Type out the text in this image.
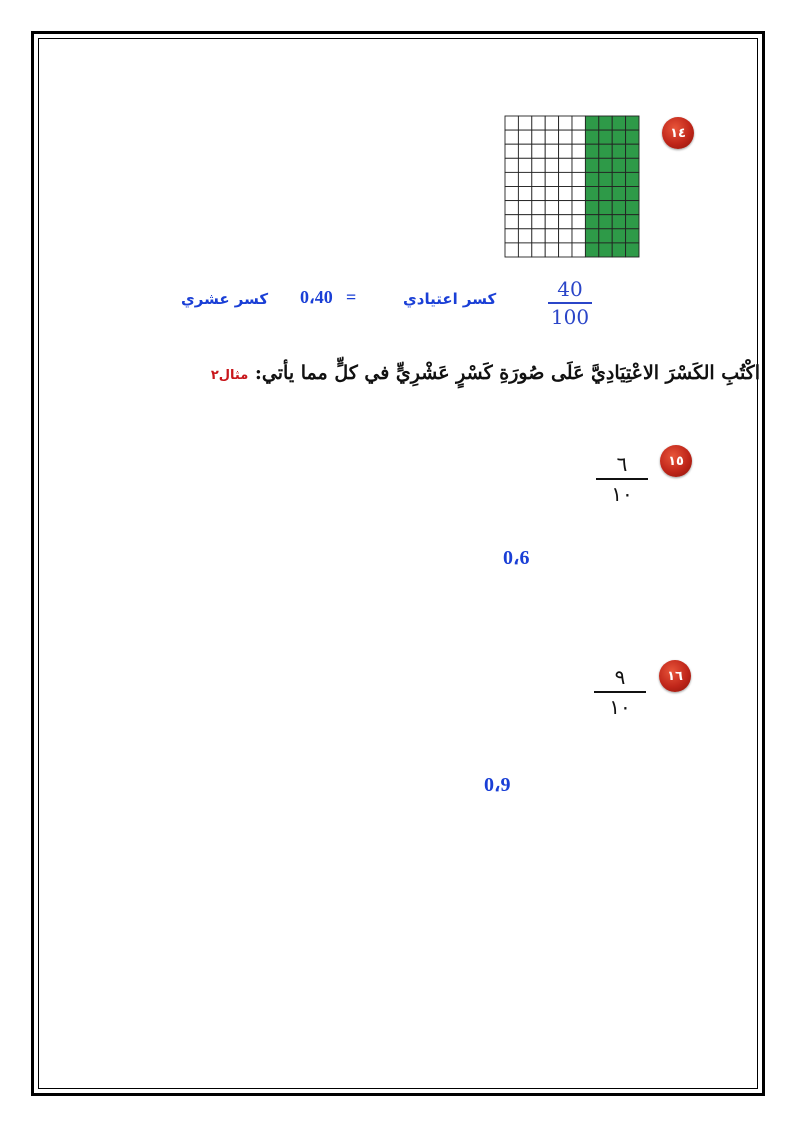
١٤
40
100
كسر اعتيادي
=
0،40
كسر عشري
اكْتُبِ الكَسْرَ الاعْتِيَادِيَّ عَلَى صُورَةِ كَسْرٍ عَشْرِيٍّ في كلٍّ مما يأتي: مثال٢
١٥
٦
١٠
0،6
١٦
٩
١٠
0،9
